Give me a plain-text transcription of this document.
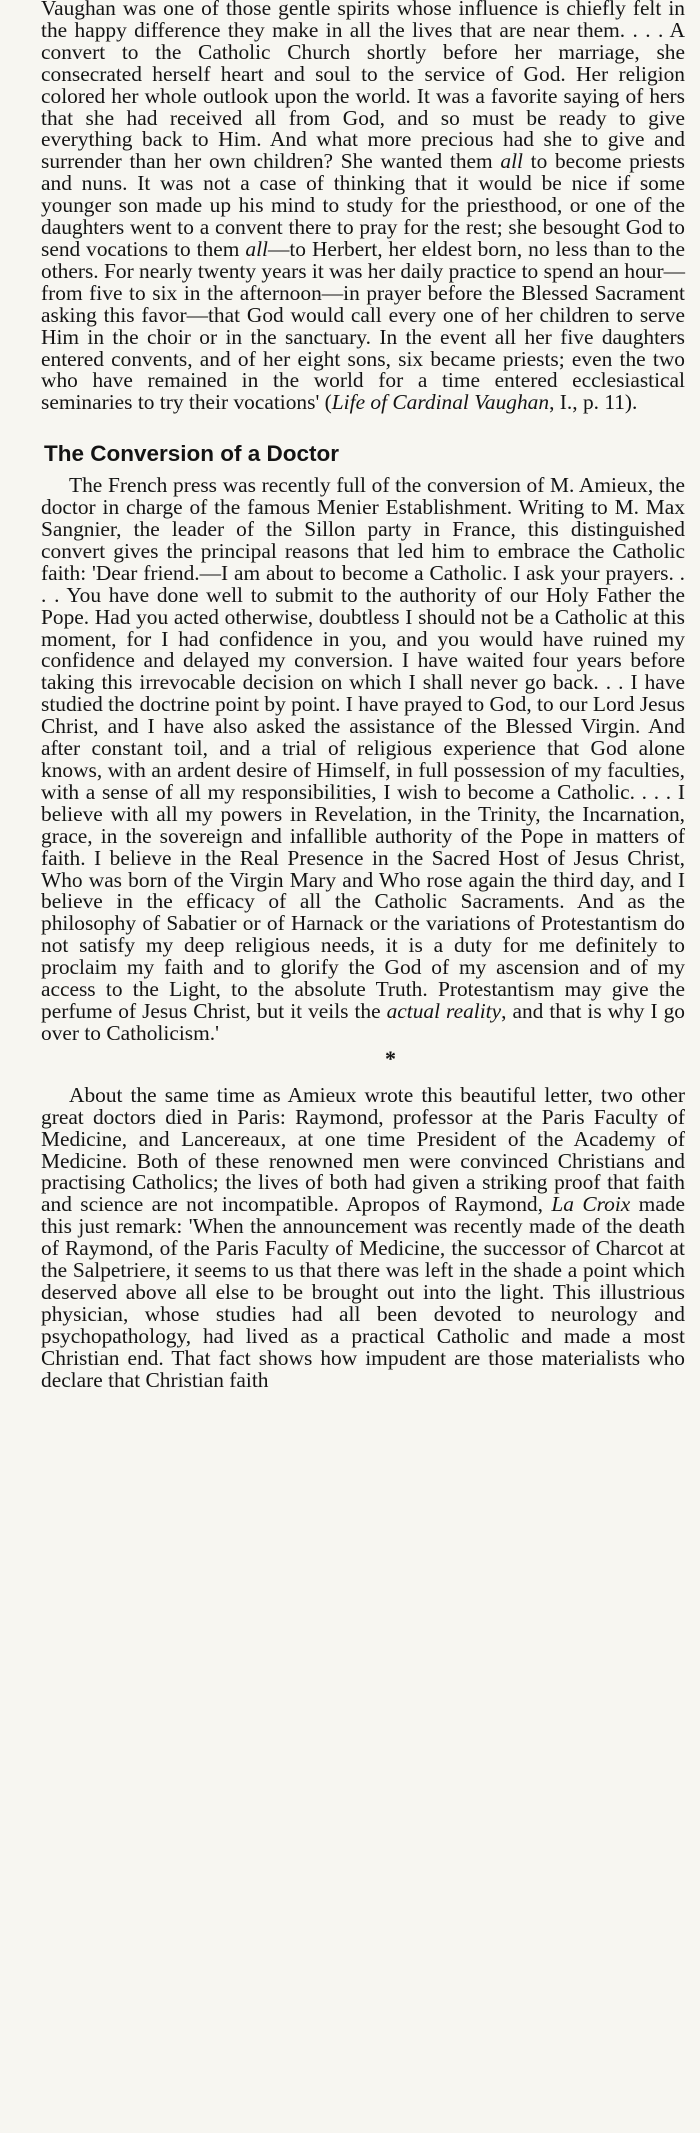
Vaughan was one of those gentle spirits whose influence is chiefly felt in the happy difference they make in all the lives that are near them. . . . A convert to the Catholic Church shortly before her marriage, she consecrated herself heart and soul to the service of God. Her religion colored her whole outlook upon the world. It was a favorite saying of hers that she had received all from God, and so must be ready to give everything back to Him. And what more precious had she to give and surrender than her own children? She wanted them all to become priests and nuns. It was not a case of thinking that it would be nice if some younger son made up his mind to study for the priesthood, or one of the daughters went to a convent there to pray for the rest; she besought God to send vocations to them all—to Herbert, her eldest born, no less than to the others. For nearly twenty years it was her daily practice to spend an hour—from five to six in the afternoon—in prayer before the Blessed Sacrament asking this favor—that God would call every one of her children to serve Him in the choir or in the sanctuary. In the event all her five daughters entered convents, and of her eight sons, six became priests; even the two who have remained in the world for a time entered ecclesiastical seminaries to try their vocations' (Life of Cardinal Vaughan, I., p. 11).

The Conversion of a Doctor

The French press was recently full of the conversion of M. Amieux, the doctor in charge of the famous Menier Establishment. Writing to M. Max Sangnier, the leader of the Sillon party in France, this distinguished convert gives the principal reasons that led him to embrace the Catholic faith: 'Dear friend.—I am about to become a Catholic. I ask your prayers. . . . You have done well to submit to the authority of our Holy Father the Pope. Had you acted otherwise, doubtless I should not be a Catholic at this moment, for I had confidence in you, and you would have ruined my confidence and delayed my conversion. I have waited four years before taking this irrevocable decision on which I shall never go back. . . I have studied the doctrine point by point. I have prayed to God, to our Lord Jesus Christ, and I have also asked the assistance of the Blessed Virgin. And after constant toil, and a trial of religious experience that God alone knows, with an ardent desire of Himself, in full possession of my faculties, with a sense of all my responsibilities, I wish to become a Catholic. . . . I believe with all my powers in Revelation, in the Trinity, the Incarnation, grace, in the sovereign and infallible authority of the Pope in matters of faith. I believe in the Real Presence in the Sacred Host of Jesus Christ, Who was born of the Virgin Mary and Who rose again the third day, and I believe in the efficacy of all the Catholic Sacraments. And as the philosophy of Sabatier or of Harnack or the variations of Protestantism do not satisfy my deep religious needs, it is a duty for me definitely to proclaim my faith and to glorify the God of my ascension and of my access to the Light, to the absolute Truth. Protestantism may give the perfume of Jesus Christ, but it veils the actual reality, and that is why I go over to Catholicism.'

*

About the same time as Amieux wrote this beautiful letter, two other great doctors died in Paris: Raymond, professor at the Paris Faculty of Medicine, and Lancereaux, at one time President of the Academy of Medicine. Both of these renowned men were convinced Christians and practising Catholics; the lives of both had given a striking proof that faith and science are not incompatible. Apropos of Raymond, La Croix made this just remark: 'When the announcement was recently made of the death of Raymond, of the Paris Faculty of Medicine, the successor of Charcot at the Salpetriere, it seems to us that there was left in the shade a point which deserved above all else to be brought out into the light. This illustrious physician, whose studies had all been devoted to neurology and psychopathology, had lived as a practical Catholic and made a most Christian end. That fact shows how impudent are those materialists who declare that Christian faith
